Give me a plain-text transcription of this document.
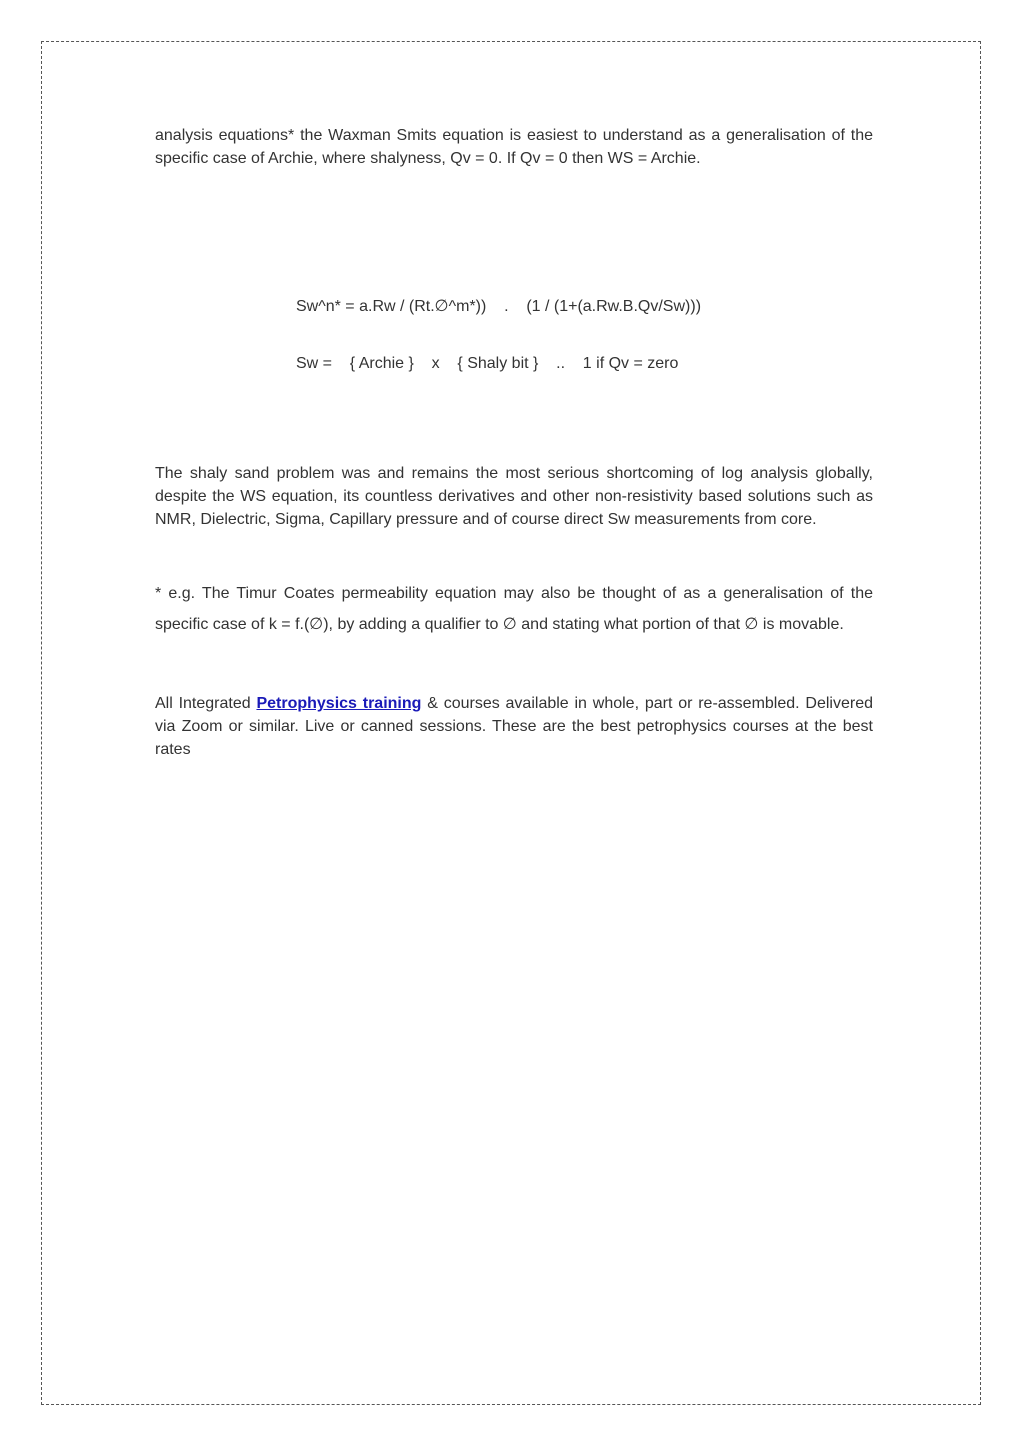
analysis equations* the Waxman Smits equation is easiest to understand as a generalisation of the specific case of Archie, where shalyness, Qv = 0. If Qv = 0 then WS = Archie.

Sw^n* = a.Rw / (Rt.∅^m*))    .    (1 / (1+(a.Rw.B.Qv/Sw)))
Sw =    { Archie }    x    { Shaly bit }    ..    1 if Qv = zero

The shaly sand problem was and remains the most serious shortcoming of log analysis globally, despite the WS equation, its countless derivatives and other non-resistivity based solutions such as NMR, Dielectric, Sigma, Capillary pressure and of course direct Sw measurements from core.

* e.g. The Timur Coates permeability equation may also be thought of as a generalisation of the specific case of k = f.(∅), by adding a qualifier to ∅ and stating what portion of that ∅ is movable.

All Integrated Petrophysics training & courses available in whole, part or re-assembled. Delivered via Zoom or similar. Live or canned sessions. These are the best petrophysics courses at the best rates
